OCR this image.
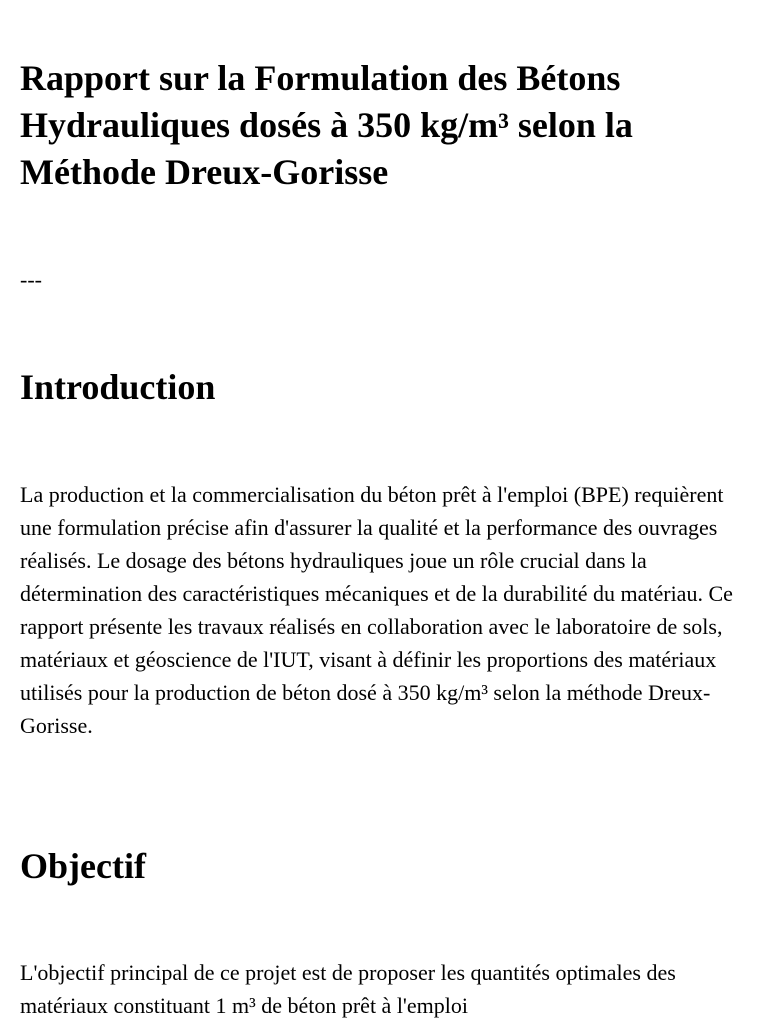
Rapport sur la Formulation des Bétons Hydrauliques dosés à 350 kg/m³ selon la Méthode Dreux-Gorisse

---

Introduction

La production et la commercialisation du béton prêt à l'emploi (BPE) requièrent une formulation précise afin d'assurer la qualité et la performance des ouvrages réalisés. Le dosage des bétons hydrauliques joue un rôle crucial dans la détermination des caractéristiques mécaniques et de la durabilité du matériau. Ce rapport présente les travaux réalisés en collaboration avec le laboratoire de sols, matériaux et géoscience de l'IUT, visant à définir les proportions des matériaux utilisés pour la production de béton dosé à 350 kg/m³ selon la méthode Dreux-Gorisse.

Objectif

L'objectif principal de ce projet est de proposer les quantités optimales des matériaux constituant 1 m³ de béton prêt à l'emploi
